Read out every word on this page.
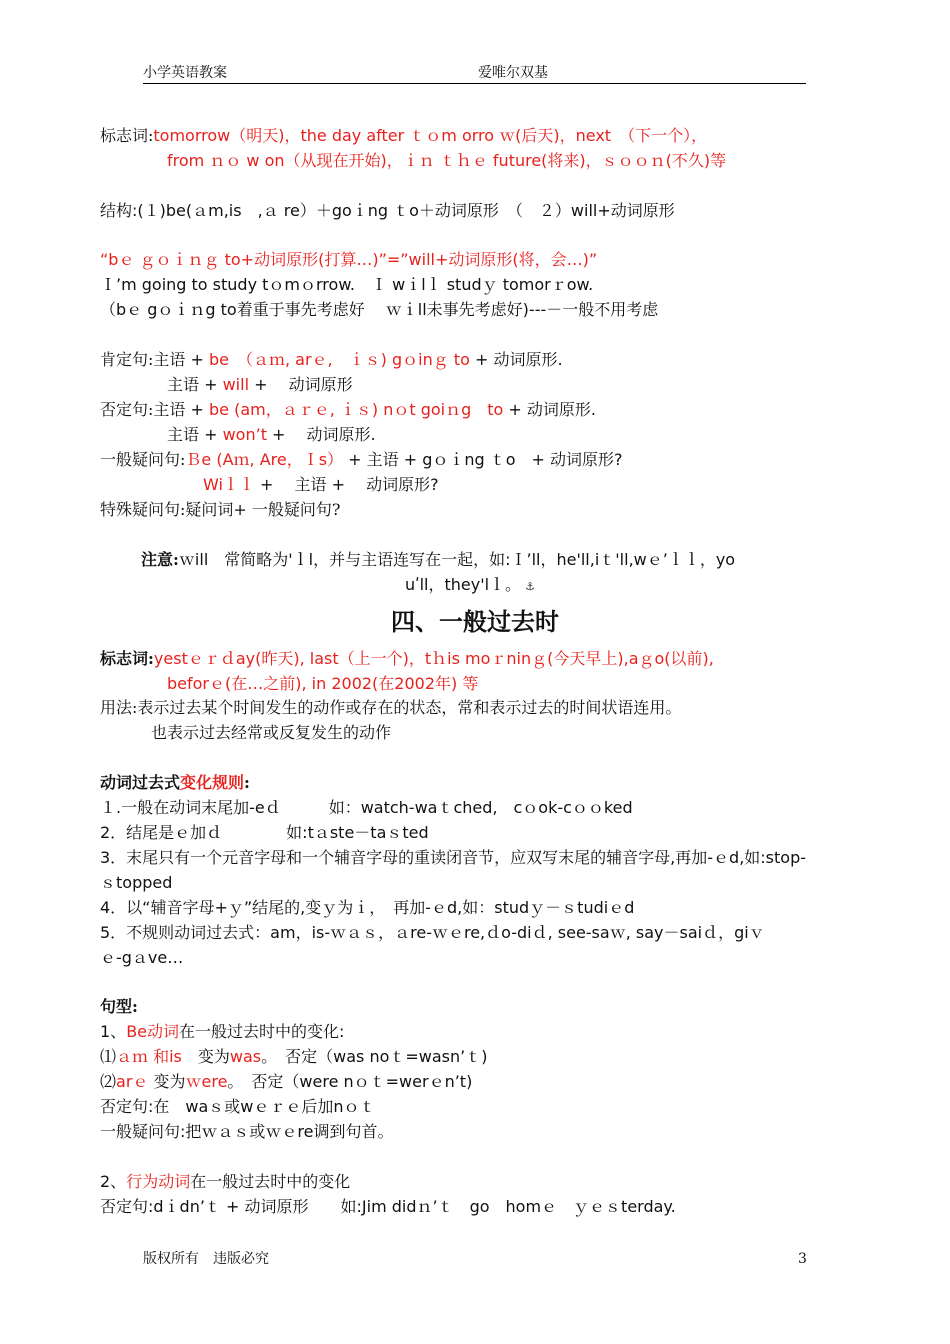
小学英语教案	爱唯尔双基
标志词:tomorrow（明天)，the day after ｔｏm orro ｗ(后天)，next　（下一个），
from ｎｏ w on（从现在开始)，ｉｎ ｔｈｅ future(将来)，ｓｏｏｎ(不久)等
结构:(１)be(ａm,is　,ａ re）＋goｉng ｔo＋动词原形　（　２）will+动词原形
“bｅ ｇｏｉｎｇ to+动词原形(打算…)”=”will+动词原形(将，会…)”
Ｉ’m going to study tｏmｏrrow.　Ｉ wｉlｌ studｙ tomorｒow.
（bｅ gｏｉｎg to着重于事先考虑好　 ｗｉll未事先考虑好)---－一般不用考虑
肯定句:主语 + be　（ａｍ, arｅ,　ｉｓ) gｏinｇ to + 动词原形.
主语 + will + 　动词原形
否定句:主语 + be (am，ａｒｅ, ｉｓ) nｏt goiｎg　to + 动词原形.
主语 + won’t + 　动词原形.
一般疑问句:Ｂe (Aｍ, Are，Ｉs） + 主语 + gｏｉng ｔo　+ 动词原形?
Wiｌｌ + 　主语 + 　动词原形?
特殊疑问句:疑问词+ 一般疑问句?
注意:ｗill　常简略为'ｌl，并与主语连写在一起，如:Ｉ’ll，he'll,iｔ'll,wｅ’ｌｌ，yo
uʹll，they'lｌ。 ⚓
四、一般过去时
标志词:yestｅｒｄay(昨天), last（上一个)，tｈis moｒninｇ(今天早上),aｇo(以前),
beforｅ(在…之前), in 2002(在2002年) 等
用法:表示过去某个时间发生的动作或存在的状态，常和表示过去的时间状语连用。
也表示过去经常或反复发生的动作
动词过去式变化规则:
１.一般在动词末尾加-eｄ　　　如：watch-waｔched,　cｏok-cｏｏked
2．结尾是ｅ加ｄ　　　　如:tａste－taｓted
3．末尾只有一个元音字母和一个辅音字母的重读闭音节，应双写末尾的辅音字母,再加-ｅd,如:stop-
ｓtopped
4．以“辅音字母+ｙ”结尾的,变ｙ为ｉ，　再加-ｅd,如：studｙ－ｓtudiｅd
5．不规则动词过去式：am，is-ｗａｓ，ａre-ｗｅre,ｄo-diｄ, see-saｗ, say－saiｄ，giｖ
ｅ-gａve…
句型:
1、Be动词在一般过去时中的变化:
⑴ａｍ 和is　变为was。　否定（was noｔ=wasn’ｔ)
⑵arｅ 变为ｗere。　否定（were nｏｔ=werｅn’t)
否定句:在　waｓ或wｅｒｅ后加nｏｔ
一般疑问句:把ｗａｓ或ｗｅre调到句首。
2、行为动词在一般过去时中的变化
否定句:dｉdn’ｔ + 动词原形　　如:Jim didｎ’ｔ　go　homｅ　ｙｅｓterday.
版权所有　违版必究	3
